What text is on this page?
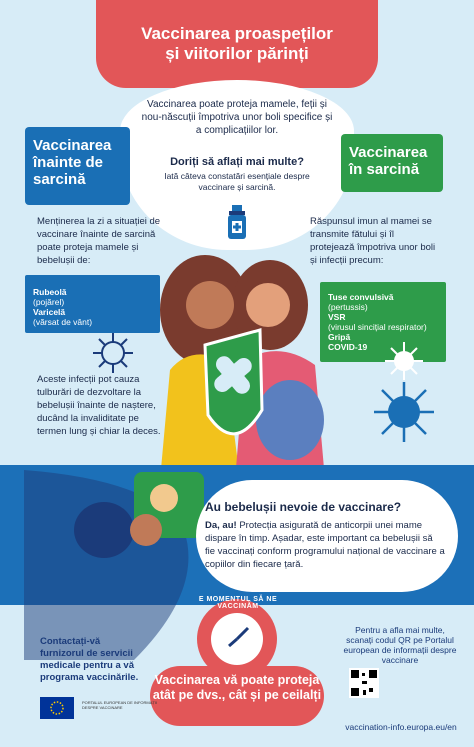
Vaccinarea proaspeților
și viitorilor părinți
Vaccinarea poate proteja mamele, feții și nou-născuții împotriva unor boli specifice și a complicațiilor lor.
Doriți să aflați mai multe?
Iată câteva constatări esențiale despre vaccinare și sarcină.
Vaccinarea înainte de sarcină
Vaccinarea în sarcină
Menținerea la zi a situației de vaccinare înainte de sarcină poate proteja mamele și bebelușii de:
Răspunsul imun al mamei se transmite fătului și îl protejează împotriva unor boli și infecții precum:
Rubeolă
(pojărel)
Varicelă
(vărsat de vânt)
Tuse convulsivă
(pertussis)
VSR
(virusul sincițial respirator)
Gripă
COVID-19
Aceste infecții pot cauza tulburări de dezvoltare la bebelușii înainte de naștere, ducând la invaliditate pe termen lung și chiar la deces.
Au bebelușii nevoie de vaccinare?
Da, au! Protecția asigurată de anticorpii unei mame dispare în timp. Așadar, este important ca bebelușii să fie vaccinați conform programului național de vaccinare a copiilor din fiecare țară.
Contactați-vă furnizorul de servicii medicale pentru a vă programa vaccinările.
E MOMENTUL SĂ NE VACCINĂM
Vaccinarea vă poate proteja atât pe dvs., cât și pe ceilalți
Pentru a afla mai multe, scanați codul QR pe Portalul european de informații despre vaccinare
vaccination-info.europa.eu/en
PORTALUL EUROPEAN DE INFORMAȚII DESPRE VACCINARE
